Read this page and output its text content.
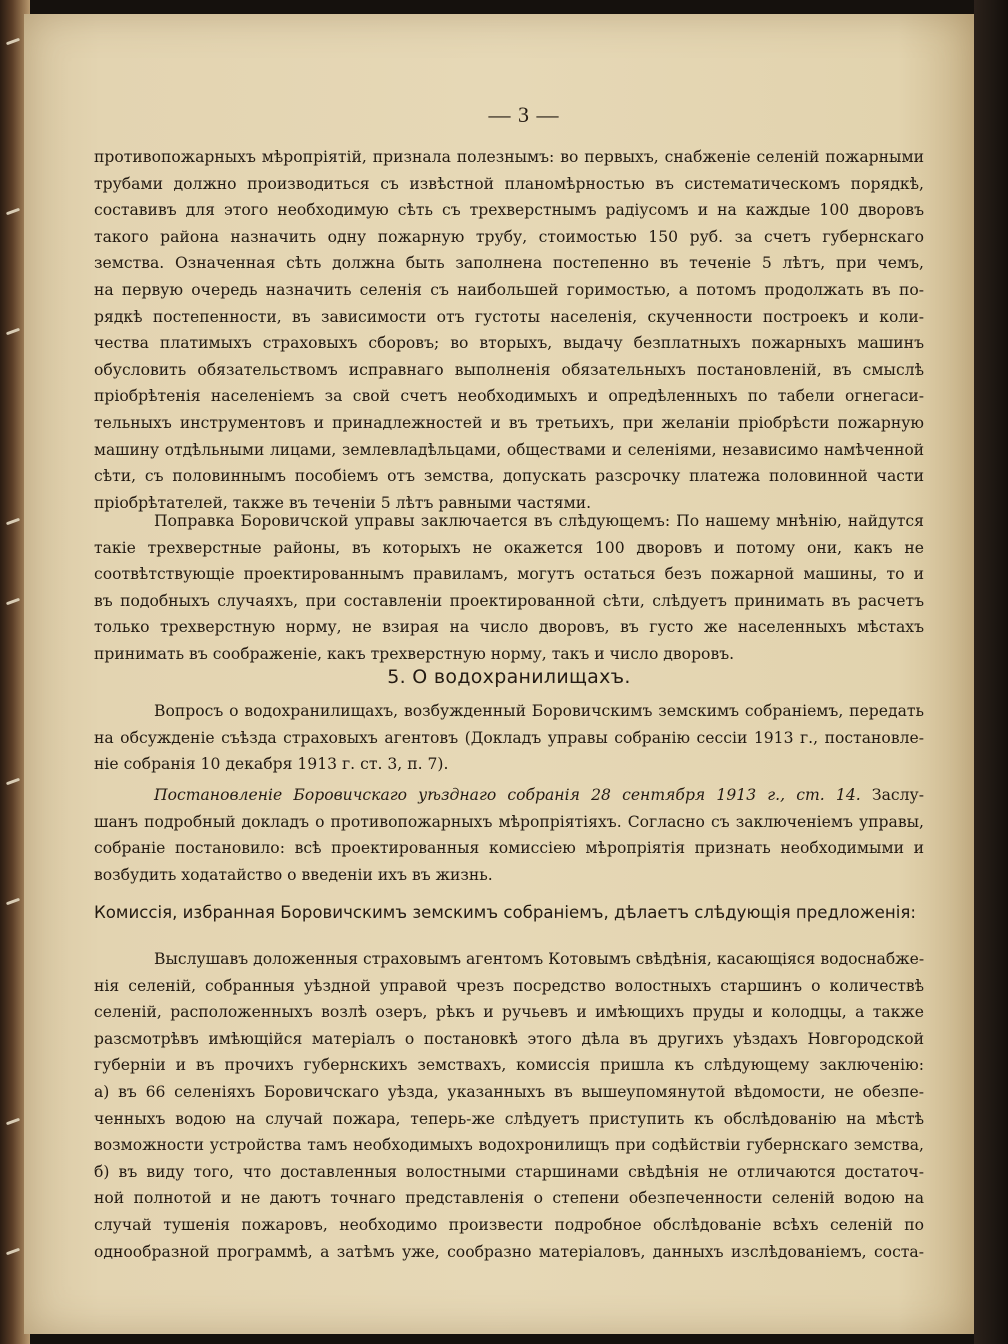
— 3 —
противопожарныхъ мѣропріятій, признала полезнымъ: во первыхъ, снабженіе селеній пожарными
трубами должно производиться съ извѣстной планомѣрностью въ систематическомъ порядкѣ,
составивъ для этого необходимую сѣть съ трехверстнымъ радіусомъ и на каждые 100 дворовъ
такого района назначить одну пожарную трубу, стоимостью 150 руб. за счетъ губернскаго
земства. Означенная сѣть должна быть заполнена постепенно въ теченіе 5 лѣтъ, при чемъ,
на первую очередь назначить селенія съ наибольшей горимостью, а потомъ продолжать въ по-
рядкѣ постепенности, въ зависимости отъ густоты населенія, скученности построекъ и коли-
чества платимыхъ страховыхъ сборовъ; во вторыхъ, выдачу безплатныхъ пожарныхъ машинъ
обусловить обязательствомъ исправнаго выполненія обязательныхъ постановленій, въ смыслѣ
пріобрѣтенія населеніемъ за свой счетъ необходимыхъ и опредѣленныхъ по табели огнегаси-
тельныхъ инструментовъ и принадлежностей и въ третьихъ, при желаніи пріобрѣсти пожарную
машину отдѣльными лицами, землевладѣльцами, обществами и селеніями, независимо намѣченной
сѣти, съ половиннымъ пособіемъ отъ земства, допускать разсрочку платежа половинной части
пріобрѣтателей, также въ теченіи 5 лѣтъ равными частями.
Поправка Боровичской управы заключается въ слѣдующемъ: По нашему мнѣнію, найдутся
такіе трехверстные районы, въ которыхъ не окажется 100 дворовъ и потому они, какъ не
соотвѣтствующіе проектированнымъ правиламъ, могутъ остаться безъ пожарной машины, то и
въ подобныхъ случаяхъ, при составленіи проектированной сѣти, слѣдуетъ принимать въ расчетъ
только трехверстную норму, не взирая на число дворовъ, въ густо же населенныхъ мѣстахъ
принимать въ соображеніе, какъ трехверстную норму, такъ и число дворовъ.
5. О водохранилищахъ.
Вопросъ о водохранилищахъ, возбужденный Боровичскимъ земскимъ собраніемъ, передать
на обсужденіе съѣзда страховыхъ агентовъ (Докладъ управы собранію сессіи 1913 г., постановле-
ніе собранія 10 декабря 1913 г. ст. 3, п. 7).
Постановленіе Боровичскаго уѣзднаго собранія 28 сентября 1913 г., ст. 14. Заслу-
шанъ подробный докладъ о противопожарныхъ мѣропріятіяхъ. Согласно съ заключеніемъ управы,
собраніе постановило: всѣ проектированныя комиссіею мѣропріятія признать необходимыми и
возбудить ходатайство о введеніи ихъ въ жизнь.
Комиссія, избранная Боровичскимъ земскимъ собраніемъ, дѣлаетъ слѣдующія предложенія:
Выслушавъ доложенныя страховымъ агентомъ Котовымъ свѣдѣнія, касающіяся водоснабже-
нія селеній, собранныя уѣздной управой чрезъ посредство волостныхъ старшинъ о количествѣ
селеній, расположенныхъ возлѣ озеръ, рѣкъ и ручьевъ и имѣющихъ пруды и колодцы, а также
разсмотрѣвъ имѣющійся матеріалъ о постановкѣ этого дѣла въ другихъ уѣздахъ Новгородской
губерніи и въ прочихъ губернскихъ земствахъ, комиссія пришла къ слѣдующему заключенію:
а) въ 66 селеніяхъ Боровичскаго уѣзда, указанныхъ въ вышеупомянутой вѣдомости, не обезпе-
ченныхъ водою на случай пожара, теперь-же слѣдуетъ приступить къ обслѣдованію на мѣстѣ
возможности устройства тамъ необходимыхъ водохронилищъ при содѣйствіи губернскаго земства,
б) въ виду того, что доставленныя волостными старшинами свѣдѣнія не отличаются достаточ-
ной полнотой и не даютъ точнаго представленія о степени обезпеченности селеній водою на
случай тушенія пожаровъ, необходимо произвести подробное обслѣдованіе всѣхъ селеній по
однообразной программѣ, а затѣмъ уже, сообразно матеріаловъ, данныхъ изслѣдованіемъ, соста-
